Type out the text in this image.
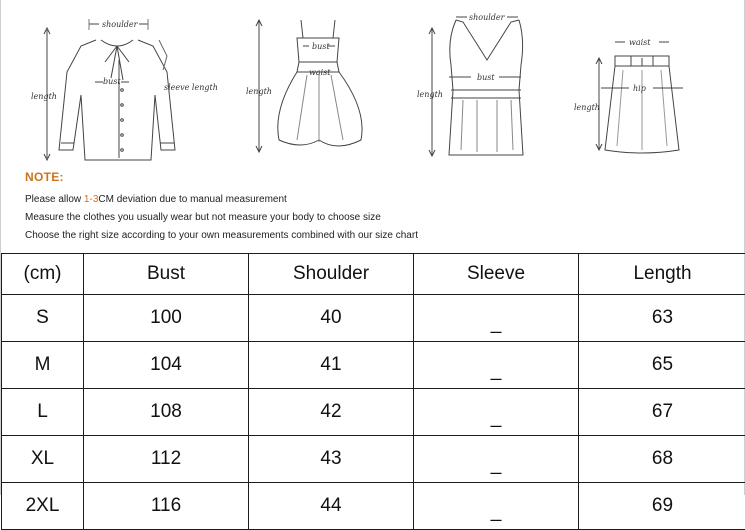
shoulder
bust
length
sleeve length
bust
waist
length
shoulder
bust
length
waist
hip
length
NOTE:
Please allow 1-3CM deviation due to manual measurement
Measure the clothes you usually wear but not measure your body to choose size
Choose the right size according to your own measurements combined with our size chart
(cm)	Bust	Shoulder	Sleeve	Length
S	100	40	_	63
M	104	41	_	65
L	108	42	_	67
XL	112	43	_	68
2XL	116	44	_	69
